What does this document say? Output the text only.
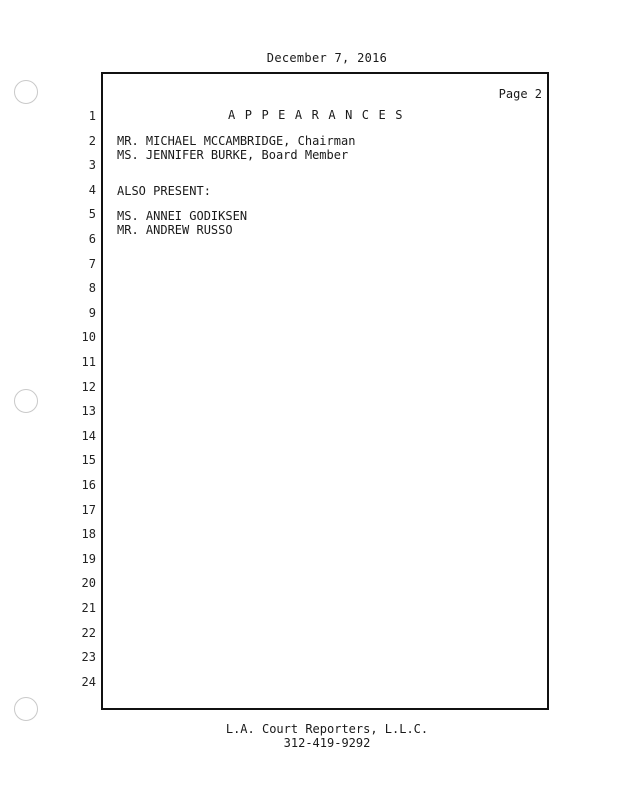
December 7, 2016
Page 2
APPEARANCES
1
2
3
4
5
6
7
8
9
10
11
12
13
14
15
16
17
18
19
20
21
22
23
24
MR. MICHAEL MCCAMBRIDGE, Chairman
MS. JENNIFER BURKE, Board Member
ALSO PRESENT:
MS. ANNEI GODIKSEN
MR. ANDREW RUSSO
L.A. Court Reporters, L.L.C.
312-419-9292
